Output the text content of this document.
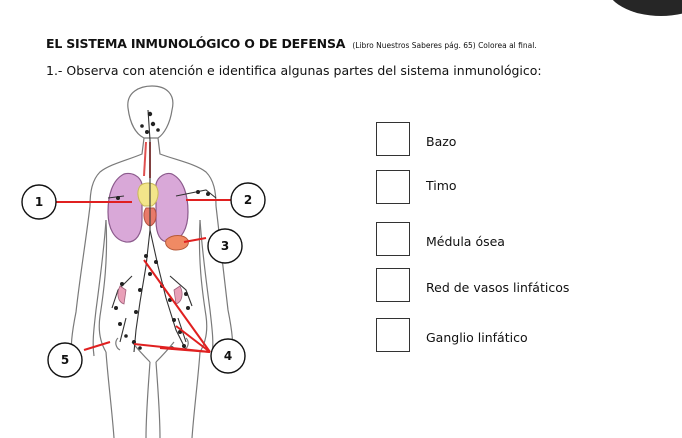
EL SISTEMA INMUNOLÓGICO O DE DEFENSA (Libro Nuestros Saberes pág. 65) Colorea al final.
1.- Observa con atención e identifica algunas partes del sistema inmunológico:
1	2
3
4
5
Bazo
Timo
Médula ósea
Red de vasos linfáticos
Ganglio linfático
